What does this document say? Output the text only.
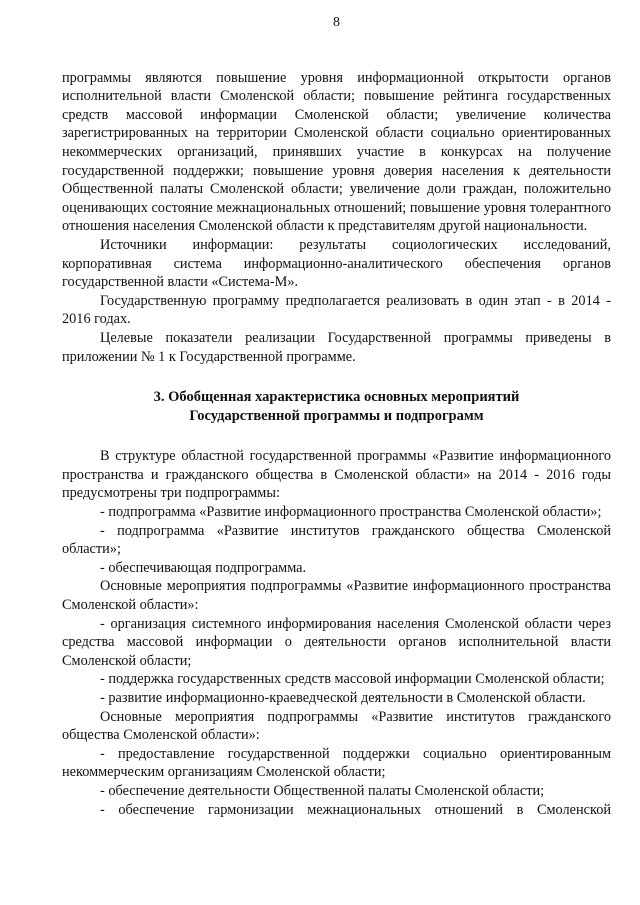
8

программы являются повышение уровня информационной открытости органов исполнительной власти Смоленской области; повышение рейтинга государственных средств массовой информации Смоленской области; увеличение количества зарегистрированных на территории Смоленской области социально ориентированных некоммерческих организаций, принявших участие в конкурсах на получение государственной поддержки; повышение уровня доверия населения к деятельности Общественной палаты Смоленской области; увеличение доли граждан, положительно оценивающих состояние межнациональных отношений; повышение уровня толерантного отношения населения Смоленской области к представителям другой национальности.

Источники информации: результаты социологических исследований, корпоративная система информационно-аналитического обеспечения органов государственной власти «Система-М».

Государственную программу предполагается реализовать в один этап - в 2014 - 2016 годах.

Целевые показатели реализации Государственной программы приведены в приложении № 1 к Государственной программе.

3. Обобщенная характеристика основных мероприятий
Государственной программы и подпрограмм

В структуре областной государственной программы «Развитие информационного пространства и гражданского общества в Смоленской области» на 2014 - 2016 годы предусмотрены три подпрограммы:

- подпрограмма «Развитие информационного пространства Смоленской области»;

- подпрограмма «Развитие институтов гражданского общества Смоленской области»;

- обеспечивающая подпрограмма.

Основные мероприятия подпрограммы «Развитие информационного пространства Смоленской области»:

- организация системного информирования населения Смоленской области через средства массовой информации о деятельности органов исполнительной власти Смоленской области;

- поддержка государственных средств массовой информации Смоленской области;

- развитие информационно-краеведческой деятельности в Смоленской области.

Основные мероприятия подпрограммы «Развитие институтов гражданского общества Смоленской области»:

- предоставление государственной поддержки социально ориентированным некоммерческим организациям Смоленской области;

- обеспечение деятельности Общественной палаты Смоленской области;

- обеспечение гармонизации межнациональных отношений в Смоленской
